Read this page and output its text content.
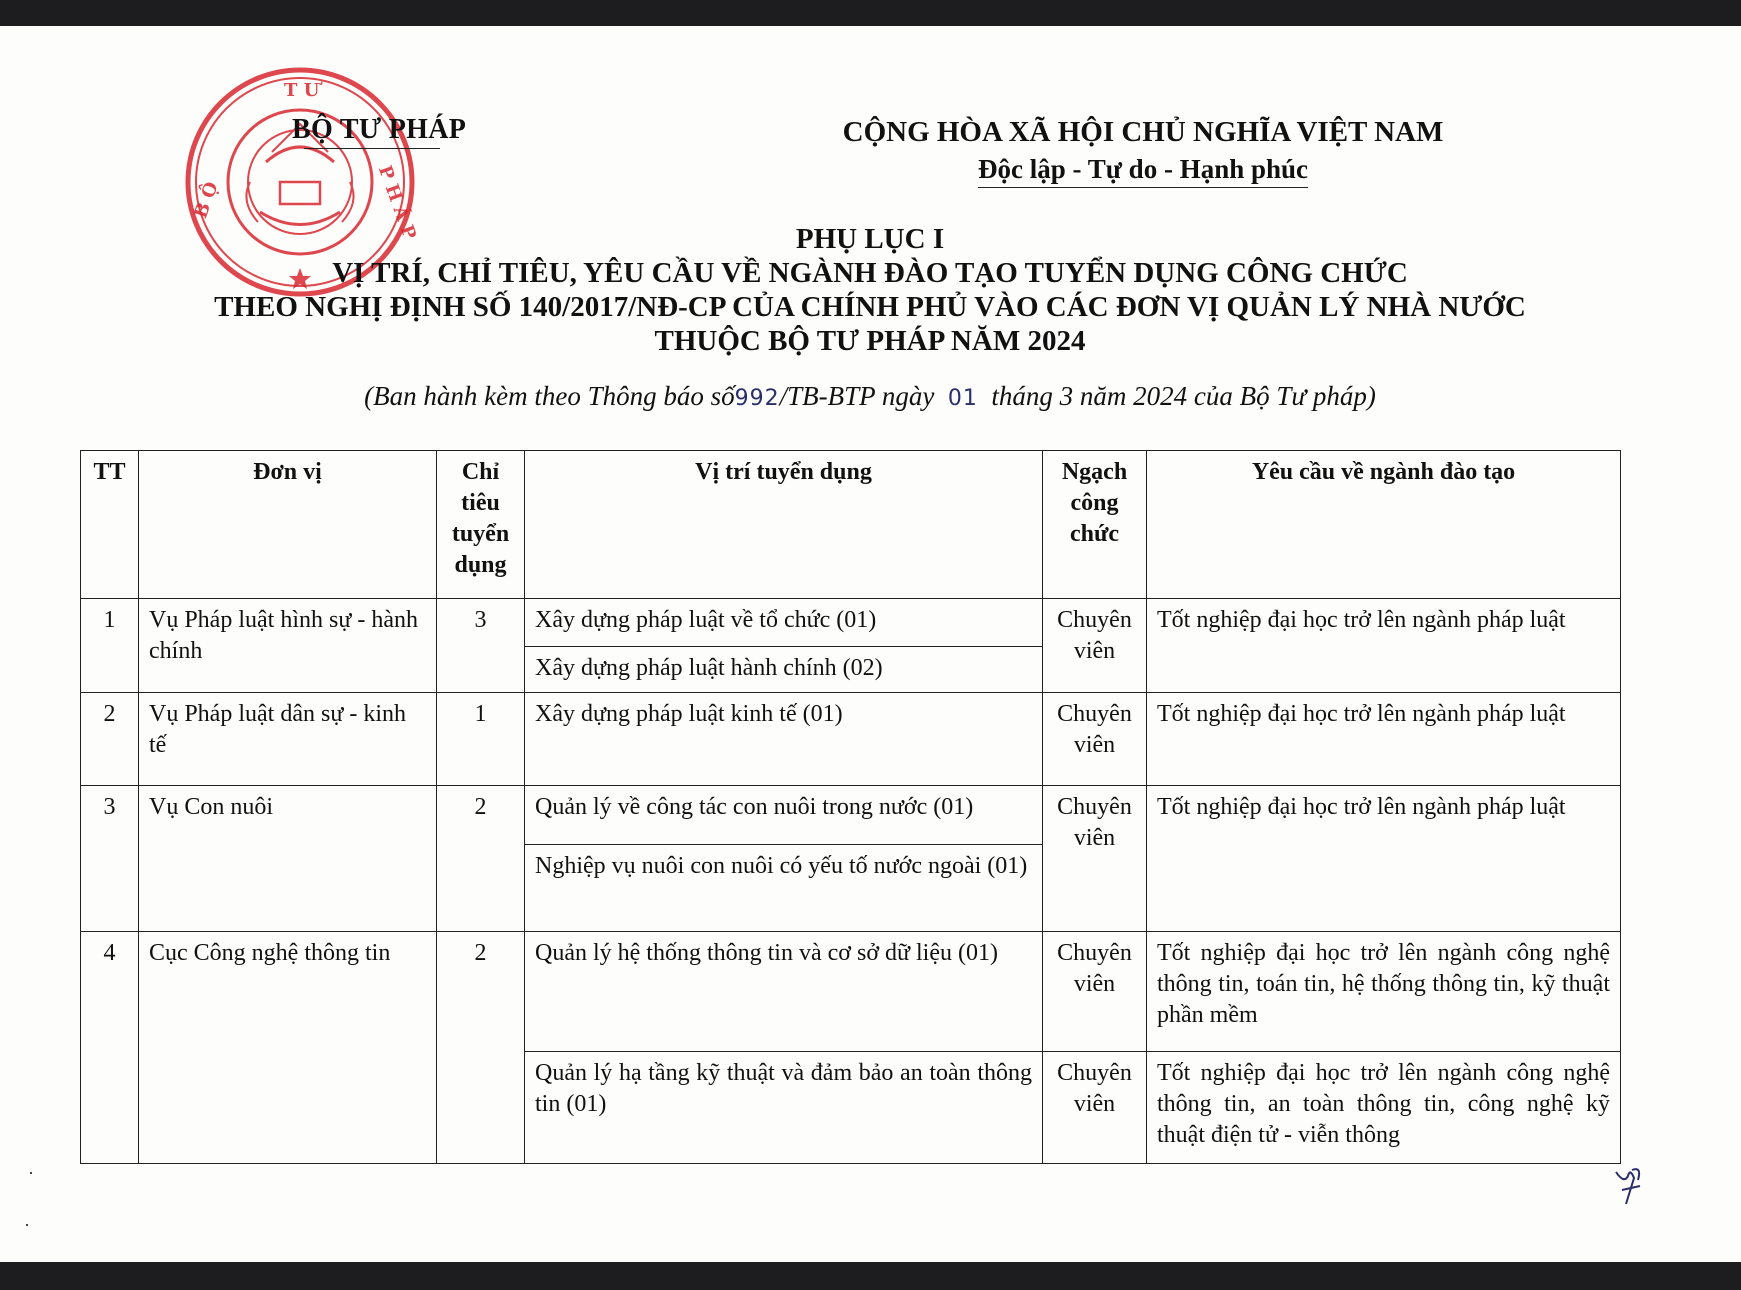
T Ư
B Ộ	P H Á P
BỘ TƯ PHÁP	CỘNG HÒA XÃ HỘI CHỦ NGHĨA VIỆT NAM
Độc lập - Tự do - Hạnh phúc
PHỤ LỤC I
VỊ TRÍ, CHỈ TIÊU, YÊU CẦU VỀ NGÀNH ĐÀO TẠO TUYỂN DỤNG CÔNG CHỨC
THEO NGHỊ ĐỊNH SỐ 140/2017/NĐ-CP CỦA CHÍNH PHỦ VÀO CÁC ĐƠN VỊ QUẢN LÝ NHÀ NƯỚC
THUỘC BỘ TƯ PHÁP NĂM 2024
(Ban hành kèm theo Thông báo số992/TB-BTP ngày 01 tháng 3 năm 2024 của Bộ Tư pháp)
TT	Đơn vị	Chỉ tiêu tuyển dụng	Vị trí tuyển dụng	Ngạch công chức	Yêu cầu về ngành đào tạo
1	Vụ Pháp luật hình sự - hành chính	3	Xây dựng pháp luật về tổ chức (01)	Chuyên viên	Tốt nghiệp đại học trở lên ngành pháp luật
			Xây dựng pháp luật hành chính (02)		
2	Vụ Pháp luật dân sự - kinh tế	1	Xây dựng pháp luật kinh tế (01)	Chuyên viên	Tốt nghiệp đại học trở lên ngành pháp luật
3	Vụ Con nuôi	2	Quản lý về công tác con nuôi trong nước (01)	Chuyên viên	Tốt nghiệp đại học trở lên ngành pháp luật
			Nghiệp vụ nuôi con nuôi có yếu tố nước ngoài (01)		
4	Cục Công nghệ thông tin	2	Quản lý hệ thống thông tin và cơ sở dữ liệu (01)	Chuyên viên	Tốt nghiệp đại học trở lên ngành công nghệ thông tin, toán tin, hệ thống thông tin, kỹ thuật phần mềm
			Quản lý hạ tầng kỹ thuật và đảm bảo an toàn thông tin (01)	Chuyên viên	Tốt nghiệp đại học trở lên ngành công nghệ thông tin, an toàn thông tin, công nghệ kỹ thuật điện tử - viễn thông
